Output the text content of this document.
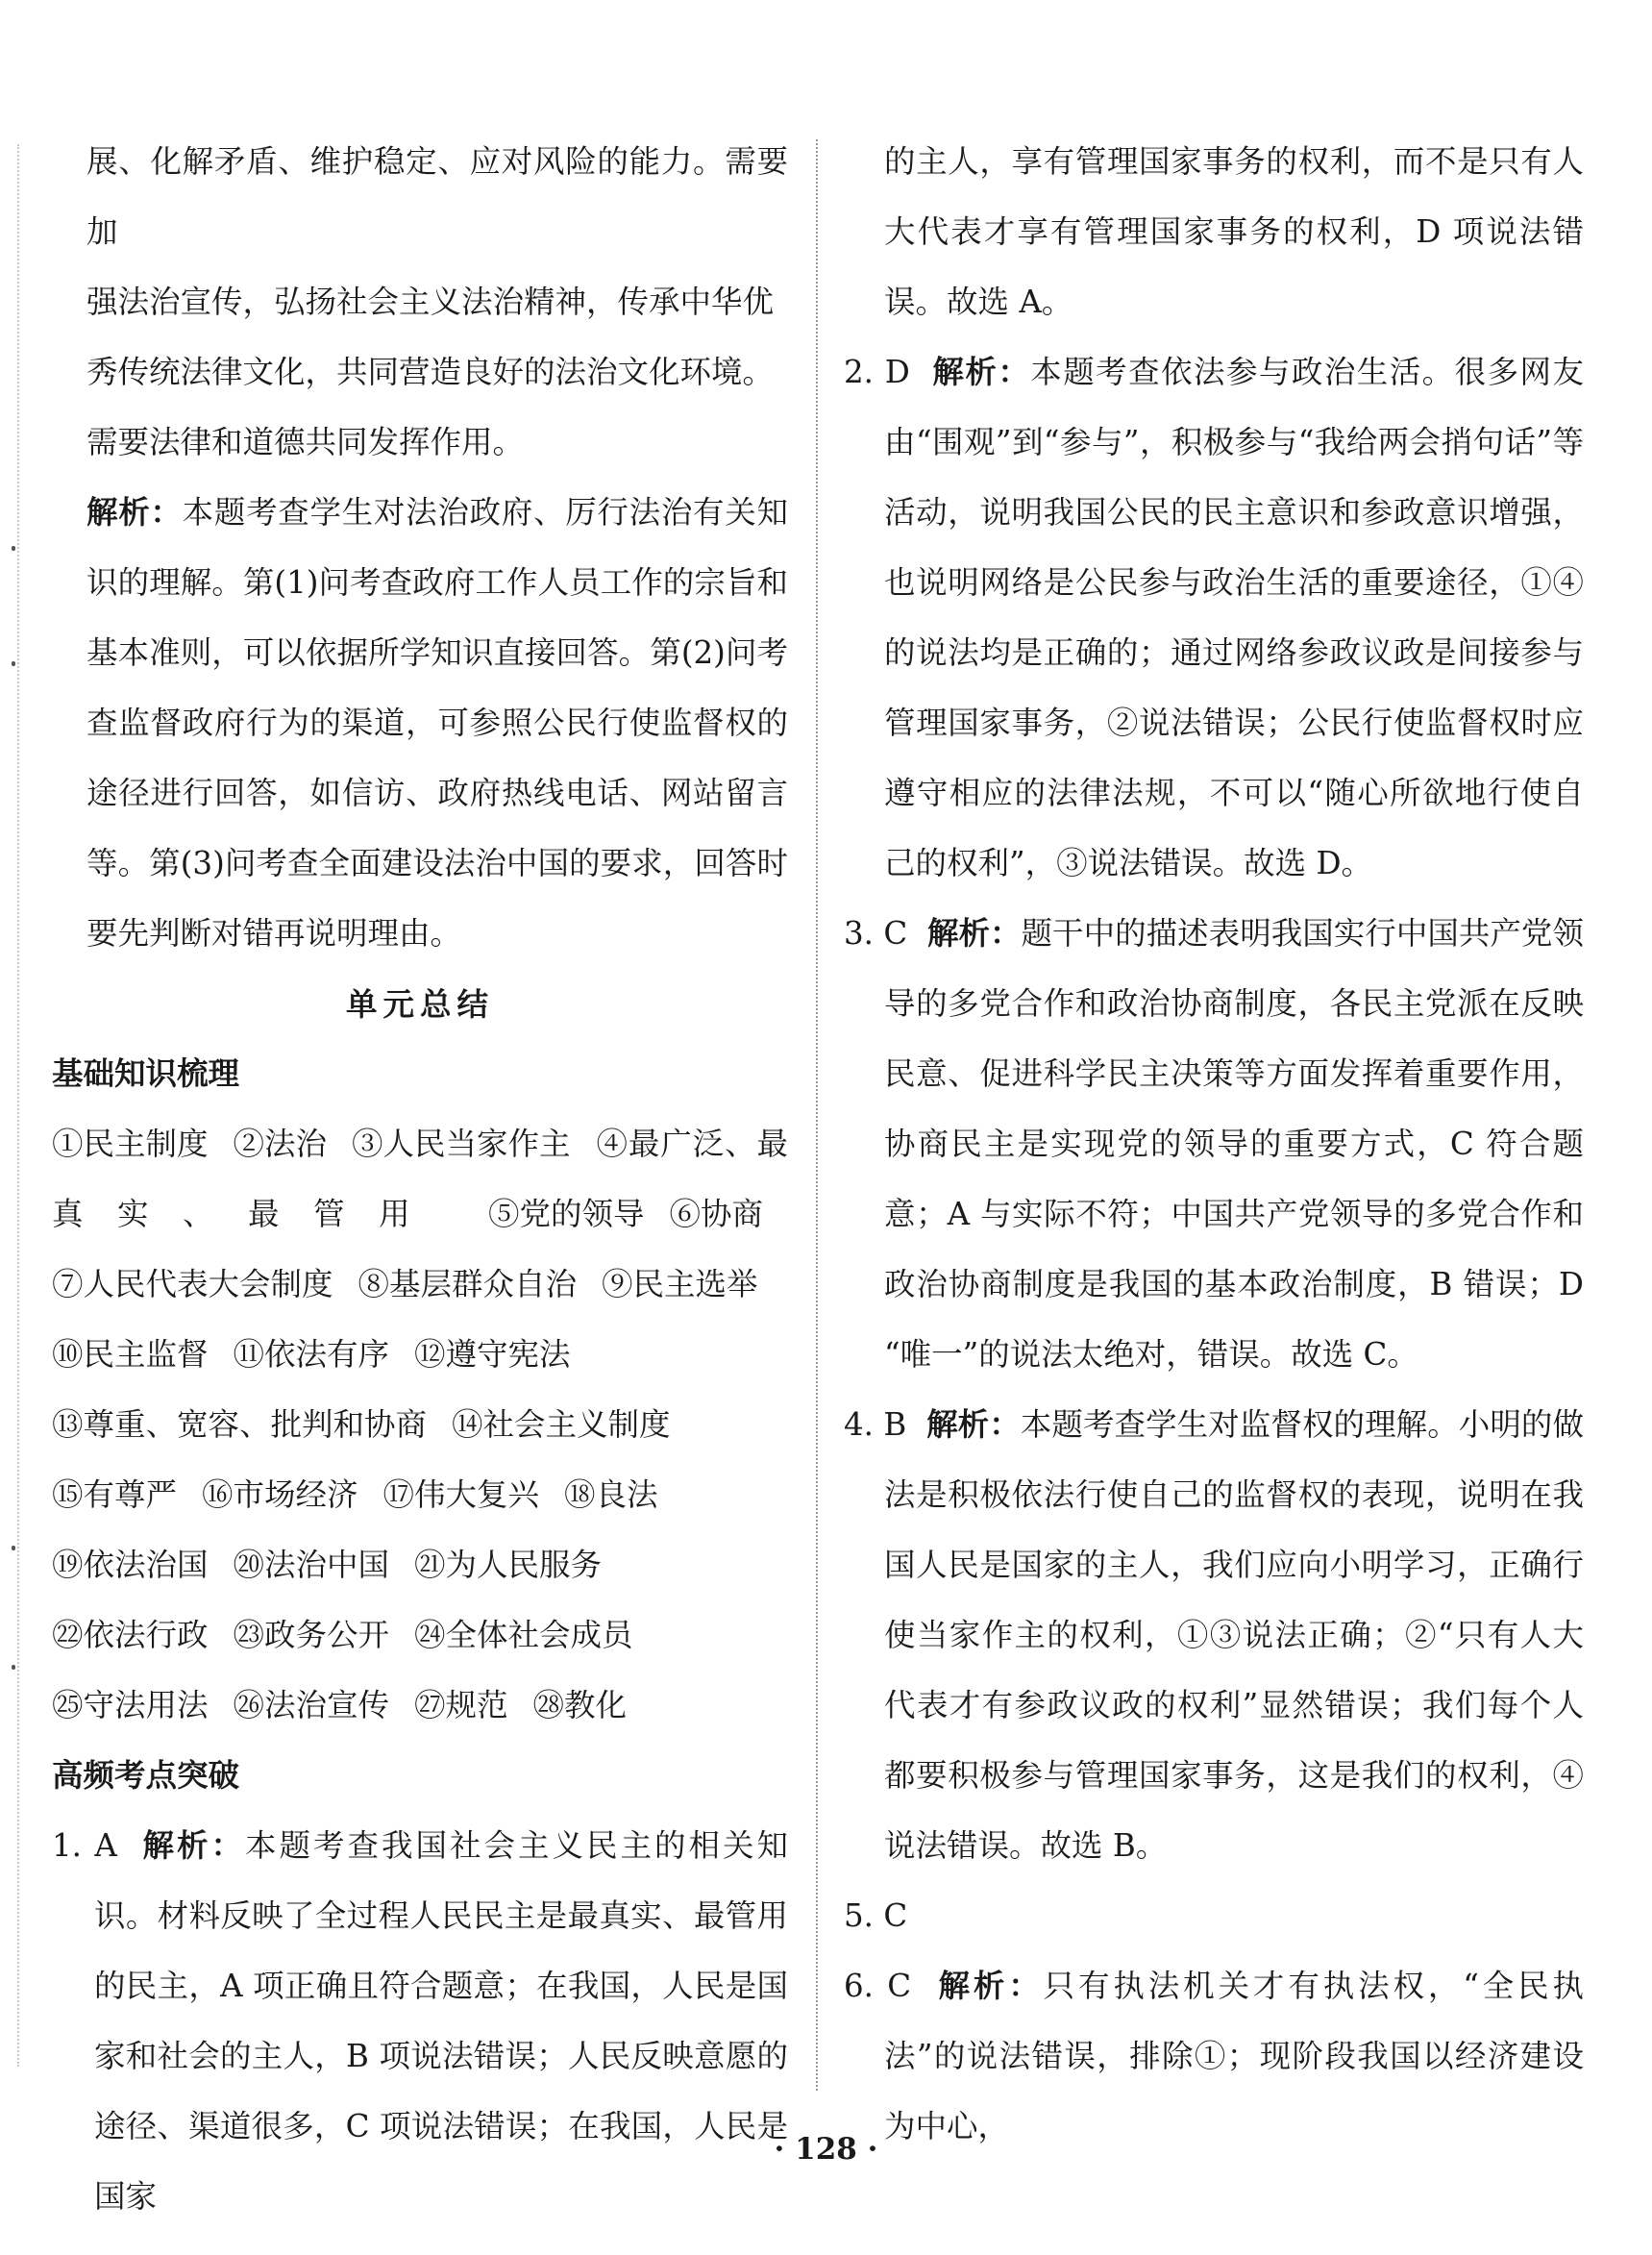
展、化解矛盾、维护稳定、应对风险的能力。需要加

强法治宣传，弘扬社会主义法治精神，传承中华优

秀传统法律文化，共同营造良好的法治文化环境。

需要法律和道德共同发挥作用。

解析：本题考查学生对法治政府、厉行法治有关知识的理解。第(1)问考查政府工作人员工作的宗旨和基本准则，可以依据所学知识直接回答。第(2)问考查监督政府行为的渠道，可参照公民行使监督权的途径进行回答，如信访、政府热线电话、网站留言等。第(3)问考查全面建设法治中国的要求，回答时要先判断对错再说明理由。

单元总结

基础知识梳理

①民主制度 ②法治 ③人民当家作主 ④最广泛、最真实、最管用 ⑤党的领导 ⑥协商⑦人民代表大会制度 ⑧基层群众自治 ⑨民主选举⑩民主监督 ⑪依法有序 ⑫遵守宪法⑬尊重、宽容、批判和协商 ⑭社会主义制度⑮有尊严 ⑯市场经济 ⑰伟大复兴 ⑱良法⑲依法治国 ⑳法治中国 ㉑为人民服务㉒依法行政 ㉓政务公开 ㉔全体社会成员㉕守法用法 ㉖法治宣传 ㉗规范 ㉘教化

高频考点突破

1. A 解析：本题考查我国社会主义民主的相关知识。材料反映了全过程人民民主是最真实、最管用的民主，A 项正确且符合题意；在我国，人民是国家和社会的主人，B 项说法错误；人民反映意愿的途径、渠道很多，C 项说法错误；在我国，人民是国家

的主人，享有管理国家事务的权利，而不是只有人大代表才享有管理国家事务的权利，D 项说法错误。故选 A。

2. D 解析：本题考查依法参与政治生活。很多网友由“围观”到“参与”，积极参与“我给两会捎句话”等活动，说明我国公民的民主意识和参政意识增强，也说明网络是公民参与政治生活的重要途径，①④的说法均是正确的；通过网络参政议政是间接参与管理国家事务，②说法错误；公民行使监督权时应遵守相应的法律法规，不可以“随心所欲地行使自己的权利”，③说法错误。故选 D。

3. C 解析：题干中的描述表明我国实行中国共产党领导的多党合作和政治协商制度，各民主党派在反映民意、促进科学民主决策等方面发挥着重要作用，协商民主是实现党的领导的重要方式，C 符合题意；A 与实际不符；中国共产党领导的多党合作和政治协商制度是我国的基本政治制度，B 错误；D “唯一”的说法太绝对，错误。故选 C。

4. B 解析：本题考查学生对监督权的理解。小明的做法是积极依法行使自己的监督权的表现，说明在我国人民是国家的主人，我们应向小明学习，正确行使当家作主的权利，①③说法正确；②“只有人大代表才有参政议政的权利”显然错误；我们每个人都要积极参与管理国家事务，这是我们的权利，④说法错误。故选 B。

5. C

6. C 解析：只有执法机关才有执法权，“全民执法”的说法错误，排除①；现阶段我国以经济建设为中心，

· 128 ·
